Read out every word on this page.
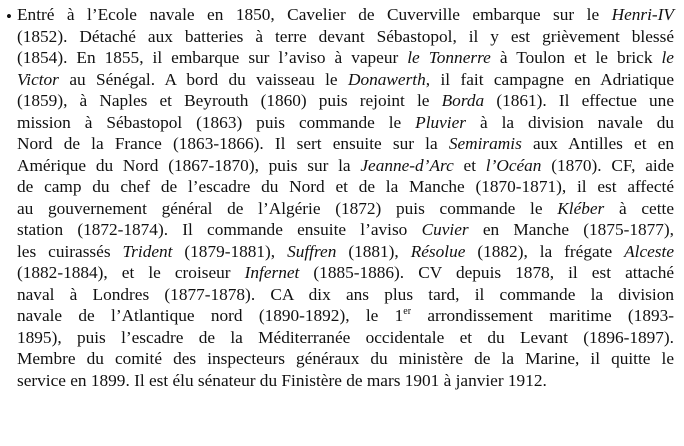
• Entré à l’Ecole navale en 1850, Cavelier de Cuverville embarque sur le Henri-IV
(1852). Détaché aux batteries à terre devant Sébastopol, il y est grièvement blessé
(1854). En 1855, il embarque sur l’aviso à vapeur le Tonnerre à Toulon et le brick le
Victor au Sénégal. A bord du vaisseau le Donawerth, il fait campagne en Adriatique
(1859), à Naples et Beyrouth (1860) puis rejoint le Borda (1861). Il effectue une
mission à Sébastopol (1863) puis commande le Pluvier à la division navale du
Nord de la France (1863-1866). Il sert ensuite sur la Semiramis aux Antilles et en
Amérique du Nord (1867-1870), puis sur la Jeanne-d’Arc et l’Océan (1870). CF, aide
de camp du chef de l’escadre du Nord et de la Manche (1870-1871), il est affecté
au gouvernement général de l’Algérie (1872) puis commande le Kléber à cette
station (1872-1874). Il commande ensuite l’aviso Cuvier en Manche (1875-1877),
les cuirassés Trident (1879-1881), Suffren (1881), Résolue (1882), la frégate Alceste
(1882-1884), et le croiseur Infernet (1885-1886). CV depuis 1878, il est attaché
naval à Londres (1877-1878). CA dix ans plus tard, il commande la division
navale de l’Atlantique nord (1890-1892), le 1er arrondissement maritime (1893-
1895), puis l’escadre de la Méditerranée occidentale et du Levant (1896-1897).
Membre du comité des inspecteurs généraux du ministère de la Marine, il quitte le
service en 1899. Il est élu sénateur du Finistère de mars 1901 à janvier 1912.
